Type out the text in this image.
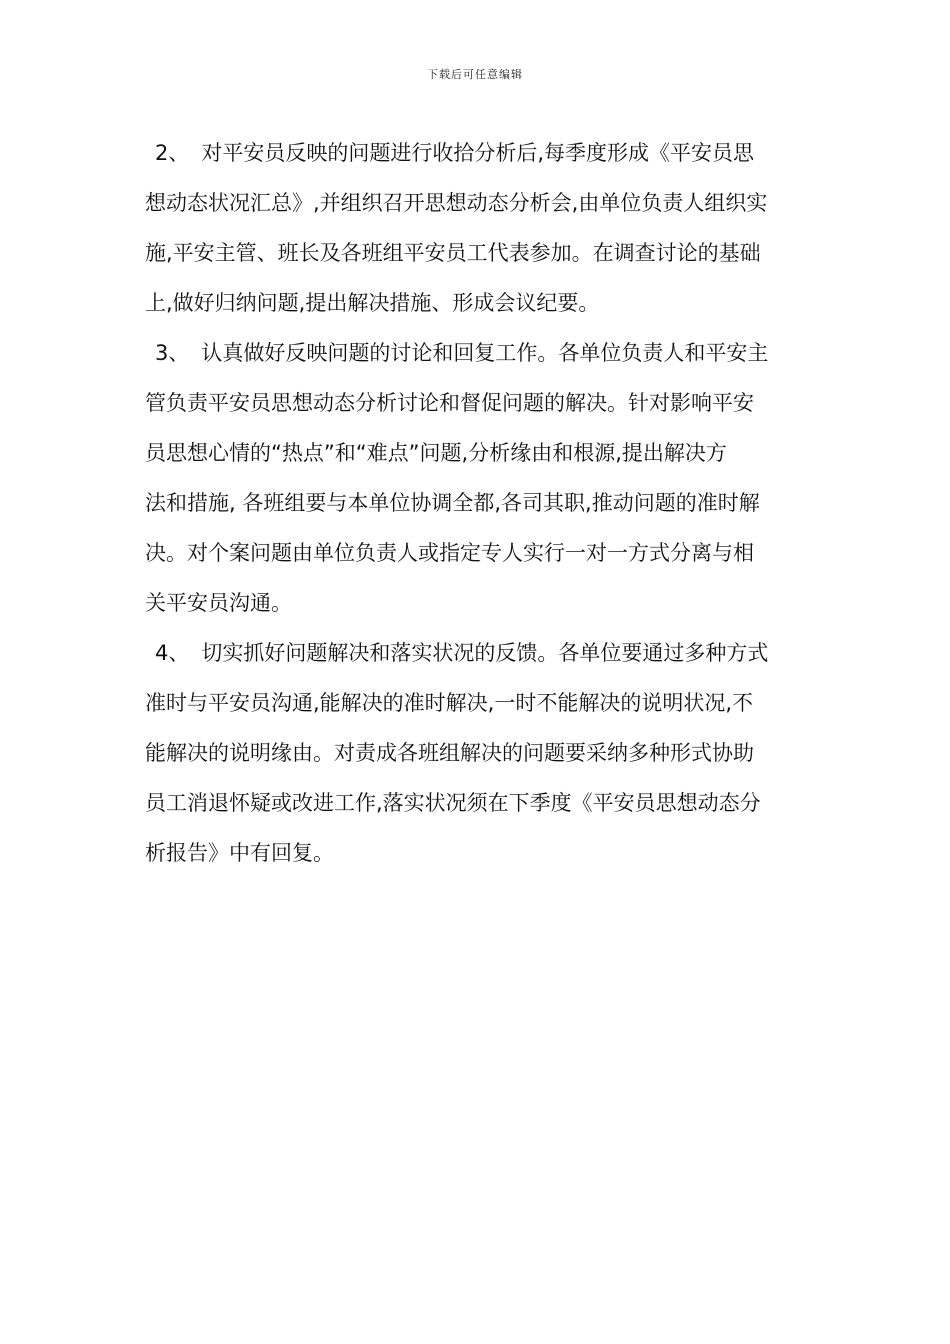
下载后可任意编辑

2、 对平安员反映的问题进行收拾分析后,每季度形成《平安员思
想动态状况汇总》,并组织召开思想动态分析会,由单位负责人组织实
施,平安主管、班长及各班组平安员工代表参加。在调查讨论的基础
上,做好归纳问题,提出解决措施、形成会议纪要。

3、 认真做好反映问题的讨论和回复工作。各单位负责人和平安主
管负责平安员思想动态分析讨论和督促问题的解决。针对影响平安
员思想心情的“热点”和“难点”问题,分析缘由和根源,提出解决方
法和措施, 各班组要与本单位协调全都,各司其职,推动问题的准时解
决。对个案问题由单位负责人或指定专人实行一对一方式分离与相
关平安员沟通。

4、 切实抓好问题解决和落实状况的反馈。各单位要通过多种方式
准时与平安员沟通,能解决的准时解决,一时不能解决的说明状况,不
能解决的说明缘由。对责成各班组解决的问题要采纳多种形式协助
员工消退怀疑或改进工作,落实状况须在下季度《平安员思想动态分
析报告》中有回复。
